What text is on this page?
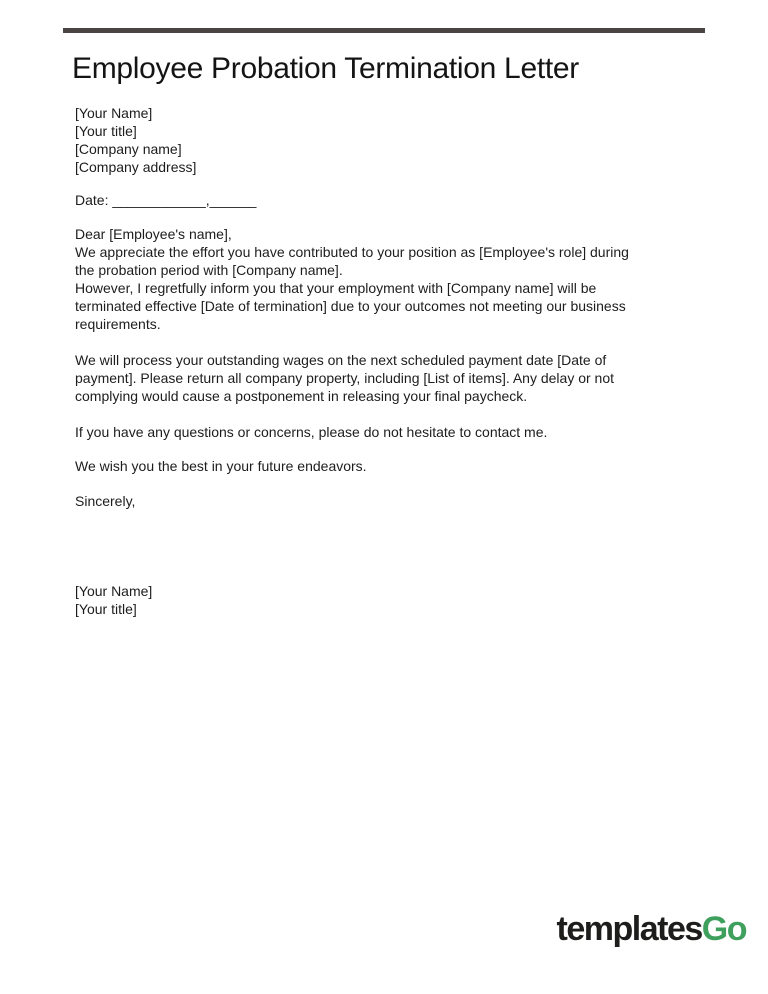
Employee Probation Termination Letter
[Your Name]
[Your title]
[Company name]
[Company address]
Date: ____________,______
Dear [Employee's name],
We appreciate the effort you have contributed to your position as [Employee's role] during
the probation period with [Company name].
However, I regretfully inform you that your employment with [Company name] will be
terminated effective [Date of termination] due to your outcomes not meeting our business
requirements.
We will process your outstanding wages on the next scheduled payment date [Date of
payment]. Please return all company property, including [List of items]. Any delay or not
complying would cause a postponement in releasing your final paycheck.
If you have any questions or concerns, please do not hesitate to contact me.
We wish you the best in your future endeavors.
Sincerely,
[Your Name]
[Your title]
templatesGo
